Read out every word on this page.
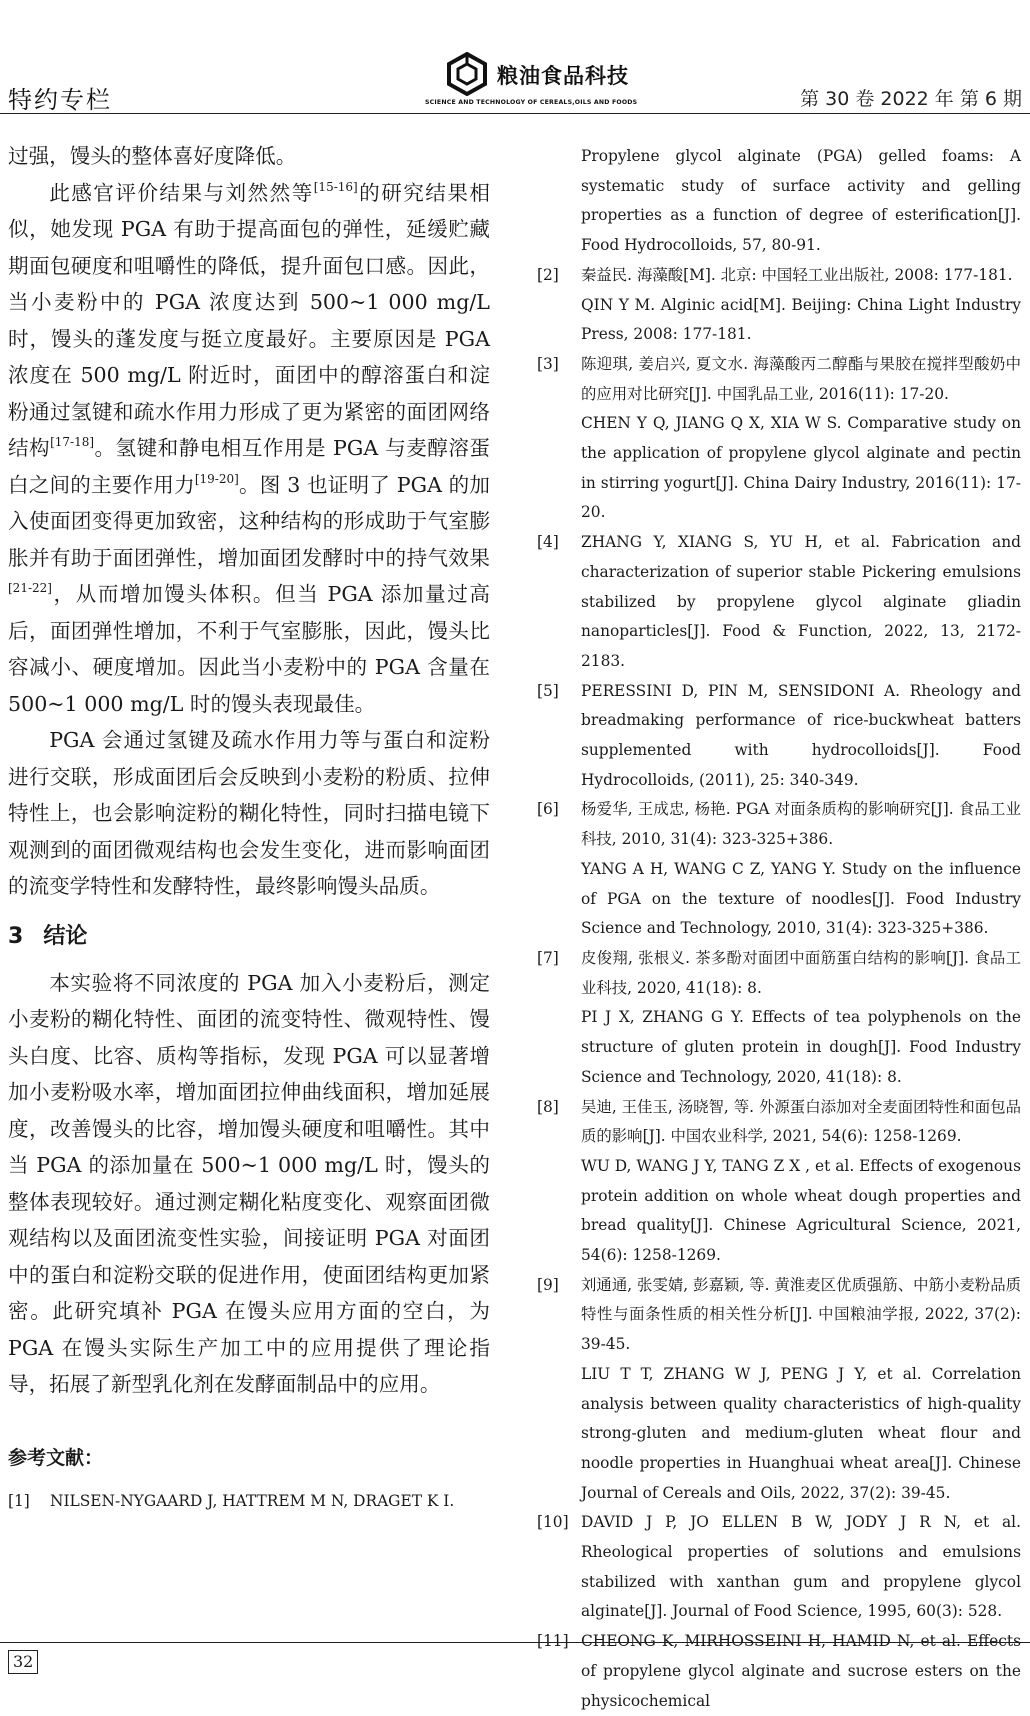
特约专栏
粮油食品科技
SCIENCE AND TECHNOLOGY OF CEREALS,OILS AND FOODS	第 30 卷 2022 年 第 6 期

过强，馒头的整体喜好度降低。

此感官评价结果与刘然然等[15-16]的研究结果相似，她发现 PGA 有助于提高面包的弹性，延缓贮藏期面包硬度和咀嚼性的降低，提升面包口感。因此，当小麦粉中的 PGA 浓度达到 500~1 000 mg/L 时，馒头的蓬发度与挺立度最好。主要原因是 PGA 浓度在 500 mg/L 附近时，面团中的醇溶蛋白和淀粉通过氢键和疏水作用力形成了更为紧密的面团网络结构[17-18]。氢键和静电相互作用是 PGA 与麦醇溶蛋白之间的主要作用力[19-20]。图 3 也证明了 PGA 的加入使面团变得更加致密，这种结构的形成助于气室膨胀并有助于面团弹性，增加面团发酵时中的持气效果[21-22]，从而增加馒头体积。但当 PGA 添加量过高后，面团弹性增加，不利于气室膨胀，因此，馒头比容减小、硬度增加。因此当小麦粉中的 PGA 含量在 500~1 000 mg/L 时的馒头表现最佳。

PGA 会通过氢键及疏水作用力等与蛋白和淀粉进行交联，形成面团后会反映到小麦粉的粉质、拉伸特性上，也会影响淀粉的糊化特性，同时扫描电镜下观测到的面团微观结构也会发生变化，进而影响面团的流变学特性和发酵特性，最终影响馒头品质。

3 结论

本实验将不同浓度的 PGA 加入小麦粉后，测定小麦粉的糊化特性、面团的流变特性、微观特性、馒头白度、比容、质构等指标，发现 PGA 可以显著增加小麦粉吸水率，增加面团拉伸曲线面积，增加延展度，改善馒头的比容，增加馒头硬度和咀嚼性。其中当 PGA 的添加量在 500~1 000 mg/L 时，馒头的整体表现较好。通过测定糊化粘度变化、观察面团微观结构以及面团流变性实验，间接证明 PGA 对面团中的蛋白和淀粉交联的促进作用，使面团结构更加紧密。此研究填补 PGA 在馒头应用方面的空白，为 PGA 在馒头实际生产加工中的应用提供了理论指导，拓展了新型乳化剂在发酵面制品中的应用。

参考文献：
[1] NILSEN-NYGAARD J, HATTREM M N, DRAGET K I.
Propylene glycol alginate (PGA) gelled foams: A systematic study of surface activity and gelling properties as a function of degree of esterification[J]. Food Hydrocolloids, 57, 80-91.
[2] 秦益民. 海藻酸[M]. 北京: 中国轻工业出版社, 2008: 177-181.
QIN Y M. Alginic acid[M]. Beijing: China Light Industry Press, 2008: 177-181.
[3] 陈迎琪, 姜启兴, 夏文水. 海藻酸丙二醇酯与果胶在搅拌型酸奶中的应用对比研究[J]. 中国乳品工业, 2016(11): 17-20.
CHEN Y Q, JIANG Q X, XIA W S. Comparative study on the application of propylene glycol alginate and pectin in stirring yogurt[J]. China Dairy Industry, 2016(11): 17-20.
[4] ZHANG Y, XIANG S, YU H, et al. Fabrication and characterization of superior stable Pickering emulsions stabilized by propylene glycol alginate gliadin nanoparticles[J]. Food & Function, 2022, 13, 2172-2183.
[5] PERESSINI D, PIN M, SENSIDONI A. Rheology and breadmaking performance of rice-buckwheat batters supplemented with hydrocolloids[J]. Food Hydrocolloids, (2011), 25: 340-349.
[6] 杨爱华, 王成忠, 杨艳. PGA 对面条质构的影响研究[J]. 食品工业科技, 2010, 31(4): 323-325+386.
YANG A H, WANG C Z, YANG Y. Study on the influence of PGA on the texture of noodles[J]. Food Industry Science and Technology, 2010, 31(4): 323-325+386.
[7] 皮俊翔, 张根义. 茶多酚对面团中面筋蛋白结构的影响[J]. 食品工业科技, 2020, 41(18): 8.
PI J X, ZHANG G Y. Effects of tea polyphenols on the structure of gluten protein in dough[J]. Food Industry Science and Technology, 2020, 41(18): 8.
[8] 吴迪, 王佳玉, 汤晓智, 等. 外源蛋白添加对全麦面团特性和面包品质的影响[J]. 中国农业科学, 2021, 54(6): 1258-1269.
WU D, WANG J Y, TANG Z X , et al. Effects of exogenous protein addition on whole wheat dough properties and bread quality[J]. Chinese Agricultural Science, 2021, 54(6): 1258-1269.
[9] 刘通通, 张雯婧, 彭嘉颖, 等. 黄淮麦区优质强筋、中筋小麦粉品质特性与面条性质的相关性分析[J]. 中国粮油学报, 2022, 37(2): 39-45.
LIU T T, ZHANG W J, PENG J Y, et al. Correlation analysis between quality characteristics of high-quality strong-gluten and medium-gluten wheat flour and noodle properties in Huanghuai wheat area[J]. Chinese Journal of Cereals and Oils, 2022, 37(2): 39-45.
[10] DAVID J P, JO ELLEN B W, JODY J R N, et al. Rheological properties of solutions and emulsions stabilized with xanthan gum and propylene glycol alginate[J]. Journal of Food Science, 1995, 60(3): 528.
[11] CHEONG K, MIRHOSSEINI H, HAMID N, et al. Effects of propylene glycol alginate and sucrose esters on the physicochemical
32
